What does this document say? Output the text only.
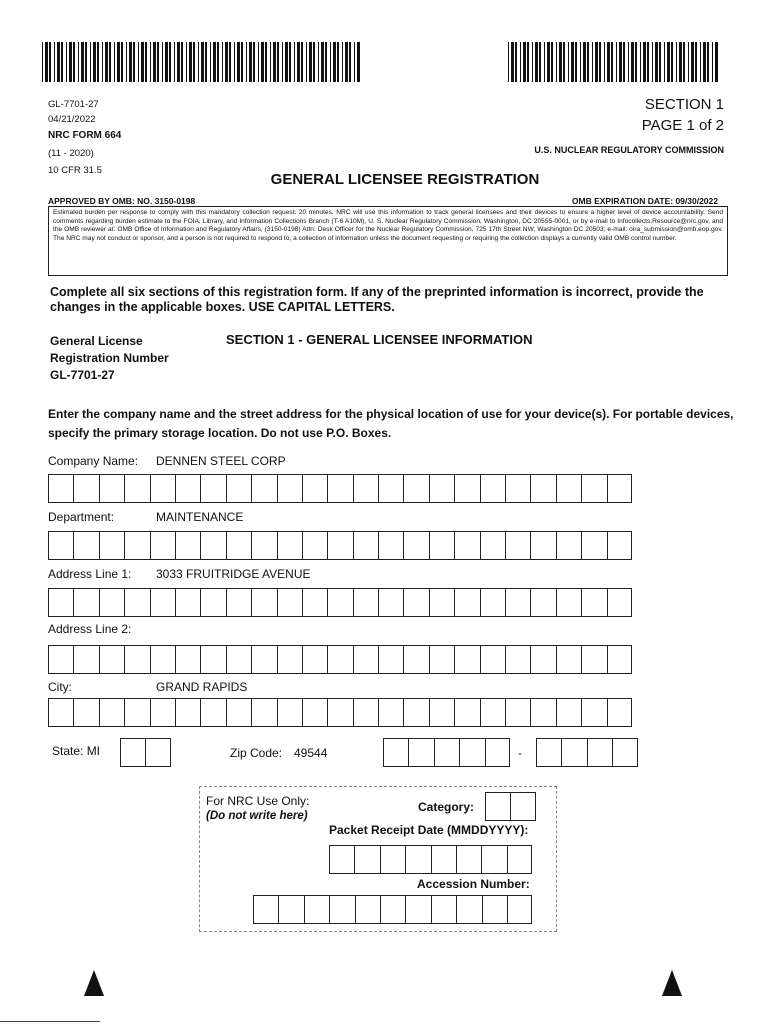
GL-7701-27
04/21/2022
NRC FORM 664
(11 - 2020)
10 CFR 31.5
SECTION 1
PAGE 1 of 2
U.S. NUCLEAR REGULATORY COMMISSION
GENERAL LICENSEE REGISTRATION
APPROVED BY OMB: NO. 3150-0198	OMB EXPIRATION DATE: 09/30/2022
Estimated burden per response to comply with this mandatory collection request: 20 minutes. NRC will use this information to track general licensees and their devices to ensure a higher level of device accountability. Send comments regarding burden estimate to the FOIA, Library, and Information Collections Branch (T-6 A10M), U. S. Nuclear Regulatory Commission, Washington, DC 20555-0001, or by e-mail to Infocollects.Resource@nrc.gov, and the OMB reviewer at: OMB Office of Information and Regulatory Affairs, (3150-0198) Attn: Desk Officer for the Nuclear Regulatory Commission, 725 17th Street NW, Washington DC 20503; e-mail: oira_submission@omb.eop.gov. The NRC may not conduct or sponsor, and a person is not required to respond to, a collection of information unless the document requesting or requiring the collection displays a currently valid OMB control number.
Complete all six sections of this registration form. If any of the preprinted information is incorrect, provide the changes in the applicable boxes. USE CAPITAL LETTERS.
General License
Registration Number
GL-7701-27
SECTION 1 - GENERAL LICENSEE INFORMATION
Enter the company name and the street address for the physical location of use for your device(s). For portable devices, specify the primary storage location. Do not use P.O. Boxes.
Company Name: DENNEN STEEL CORP
Department:	MAINTENANCE
Address Line 1: 3033 FRUITRIDGE AVENUE
Address Line 2:
City:	GRAND RAPIDS
State: MI	Zip Code: 49544	-
For NRC Use Only:
(Do not write here)
Category:
Packet Receipt Date (MMDDYYYY):
Accession Number:
